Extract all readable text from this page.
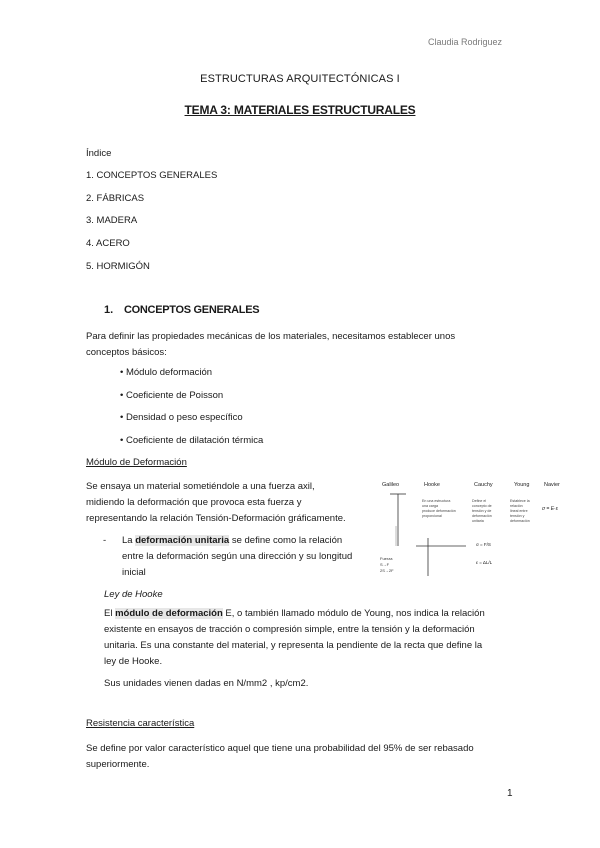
Claudia Rodriguez
ESTRUCTURAS ARQUITECTÓNICAS I
TEMA 3: MATERIALES ESTRUCTURALES
Índice
1. CONCEPTOS GENERALES
2. FÁBRICAS
3. MADERA
4. ACERO
5. HORMIGÓN
1. CONCEPTOS GENERALES
Para definir las propiedades mecánicas de los materiales, necesitamos establecer unos
conceptos básicos:
• Módulo deformación
• Coeficiente de Poisson
• Densidad o peso específico
• Coeficiente de dilatación térmica
Módulo de Deformación
Se ensaya un material sometiéndole a una fuerza axil,
midiendo la deformación que provoca esta fuerza y
representando la relación Tensión-Deformación gráficamente.
- La deformación unitaria se define como la relación
entre la deformación según una dirección y su longitud
inicial
Ley de Hooke
El módulo de deformación E, o también llamado módulo de Young, nos indica la relación
existente en ensayos de tracción o compresión simple, entre la tensión y la deformación
unitaria. Es una constante del material, y representa la pendiente de la recta que define la
ley de Hooke.
Sus unidades vienen dadas en N/mm2 , kp/cm2.
Resistencia característica
Se define por valor característico aquel que tiene una probabilidad del 95% de ser rebasado
superiormente.
Galileo	Hooke	Cauchy	Young	Navier
Fuerza
S→F
2S→2F
En una estructura
una carga
produce deformación
proporcional
Define el
concepto de
tensión y de
deformación
unitaria
σ = F/S
ε = ΔL/L
Establece la
relación
lineal entre
tensión y
deformación
σ = E·ε
1
